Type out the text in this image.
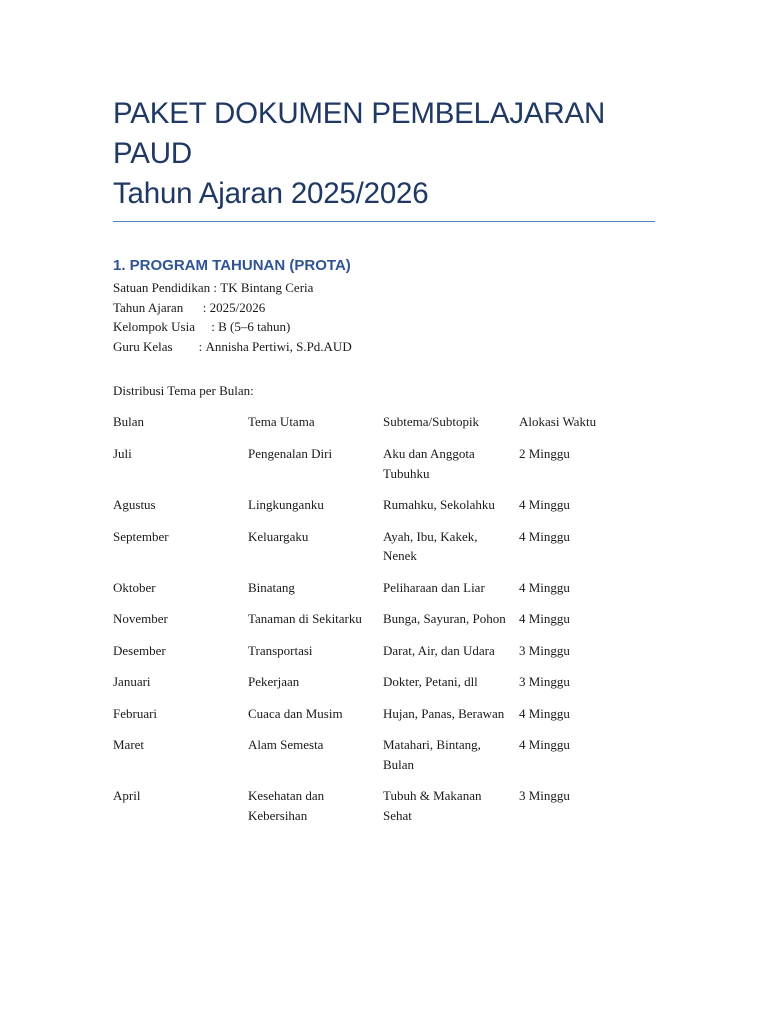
PAKET DOKUMEN PEMBELAJARAN
PAUD
Tahun Ajaran 2025/2026
1. PROGRAM TAHUNAN (PROTA)
Satuan Pendidikan : TK Bintang Ceria
Tahun Ajaran : 2025/2026
Kelompok Usia : B (5–6 tahun)
Guru Kelas : Annisha Pertiwi, S.Pd.AUD
Distribusi Tema per Bulan:
Bulan	Tema Utama	Subtema/Subtopik	Alokasi Waktu

Juli	Pengenalan Diri	Aku dan Anggota Tubuhku	2 Minggu

Agustus	Lingkunganku	Rumahku, Sekolahku	4 Minggu

September	Keluargaku	Ayah, Ibu, Kakek, Nenek	4 Minggu

Oktober	Binatang	Peliharaan dan Liar	4 Minggu

November	Tanaman di Sekitarku	Bunga, Sayuran, Pohon	4 Minggu

Desember	Transportasi	Darat, Air, dan Udara	3 Minggu

Januari	Pekerjaan	Dokter, Petani, dll	3 Minggu

Februari	Cuaca dan Musim	Hujan, Panas, Berawan	4 Minggu

Maret	Alam Semesta	Matahari, Bintang, Bulan	4 Minggu

April	Kesehatan dan Kebersihan	Tubuh & Makanan Sehat	3 Minggu
